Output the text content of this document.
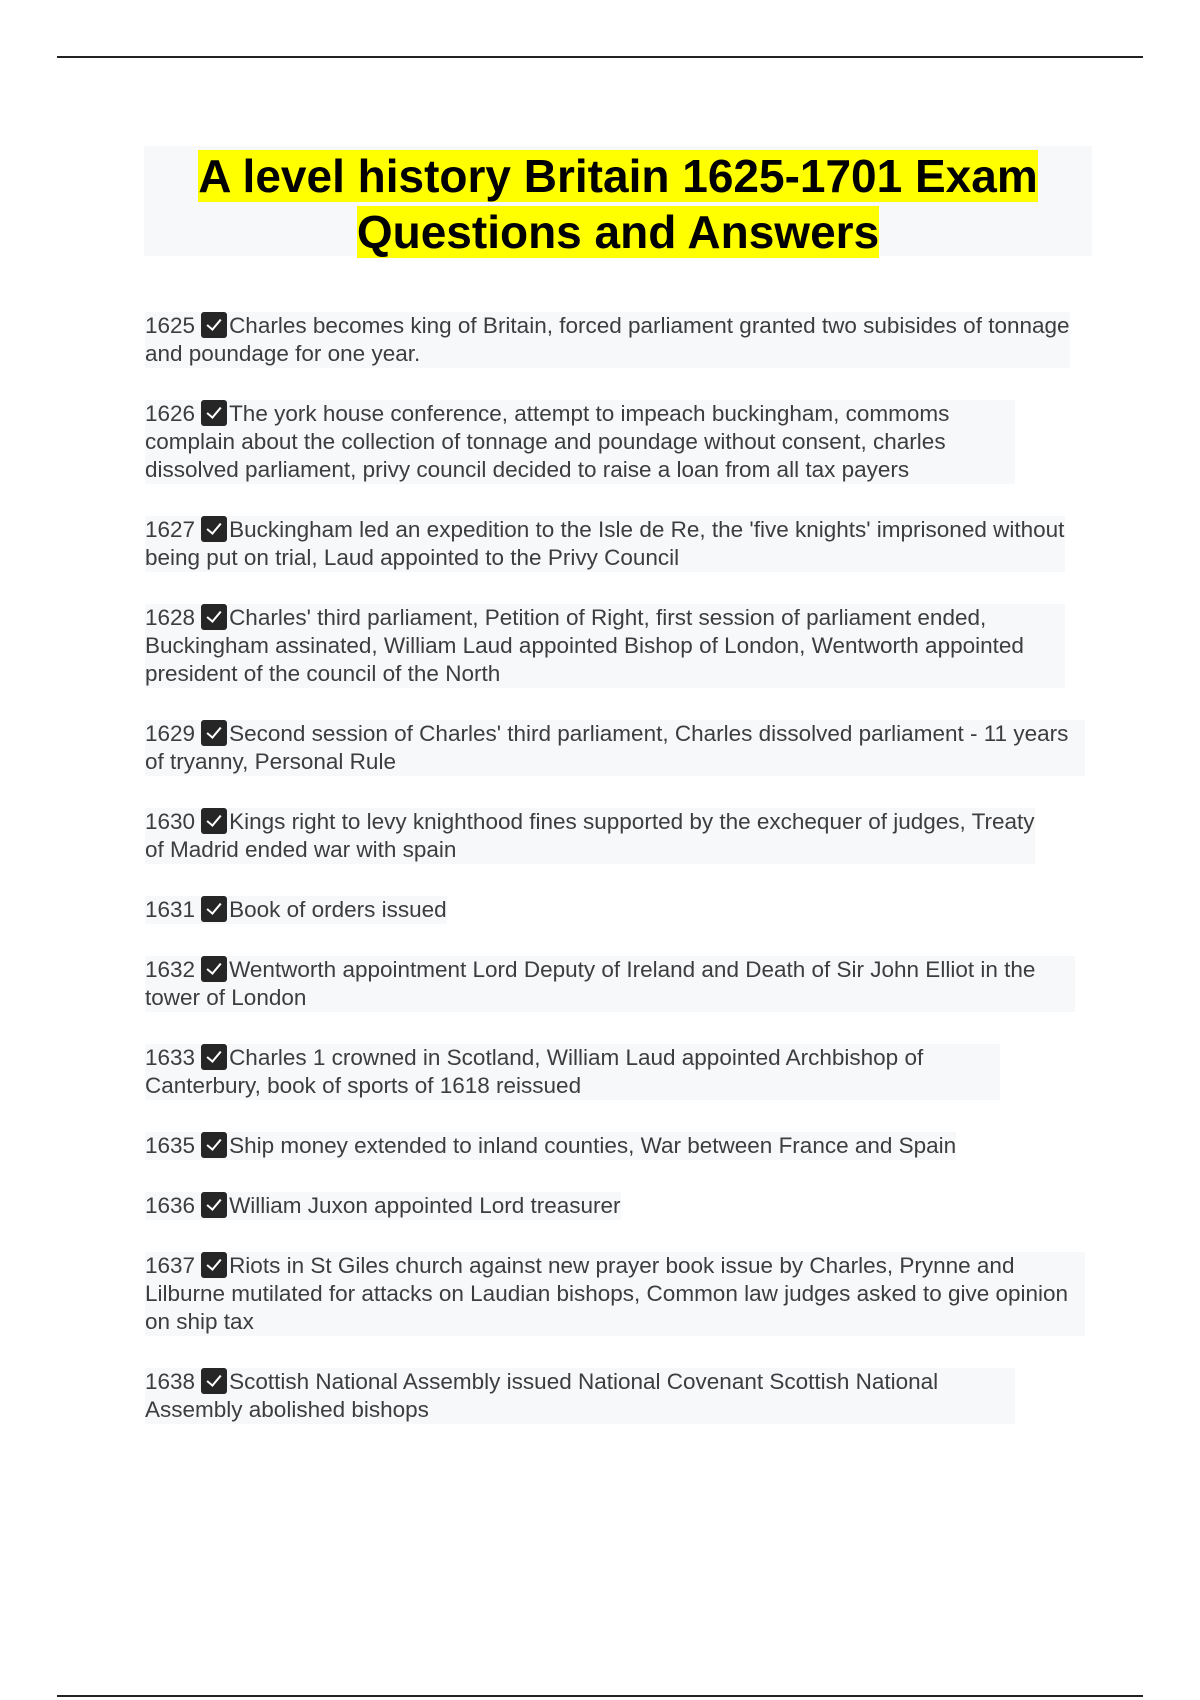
A level history Britain 1625-1701 Exam Questions and Answers

1625 Charles becomes king of Britain, forced parliament granted two subisides of tonnage and poundage for one year.

1626 The york house conference, attempt to impeach buckingham, commoms complain about the collection of tonnage and poundage without consent, charles dissolved parliament, privy council decided to raise a loan from all tax payers

1627 Buckingham led an expedition to the Isle de Re, the 'five knights' imprisoned without being put on trial, Laud appointed to the Privy Council

1628 Charles' third parliament, Petition of Right, first session of parliament ended, Buckingham assinated, William Laud appointed Bishop of London, Wentworth appointed president of the council of the North

1629 Second session of Charles' third parliament, Charles dissolved parliament - 11 years of tryanny, Personal Rule

1630 Kings right to levy knighthood fines supported by the exchequer of judges, Treaty of Madrid ended war with spain

1631 Book of orders issued

1632 Wentworth appointment Lord Deputy of Ireland and Death of Sir John Elliot in the tower of London

1633 Charles 1 crowned in Scotland, William Laud appointed Archbishop of Canterbury, book of sports of 1618 reissued

1635 Ship money extended to inland counties, War between France and Spain

1636 William Juxon appointed Lord treasurer

1637 Riots in St Giles church against new prayer book issue by Charles, Prynne and Lilburne mutilated for attacks on Laudian bishops, Common law judges asked to give opinion on ship tax

1638 Scottish National Assembly issued National Covenant Scottish National Assembly abolished bishops
